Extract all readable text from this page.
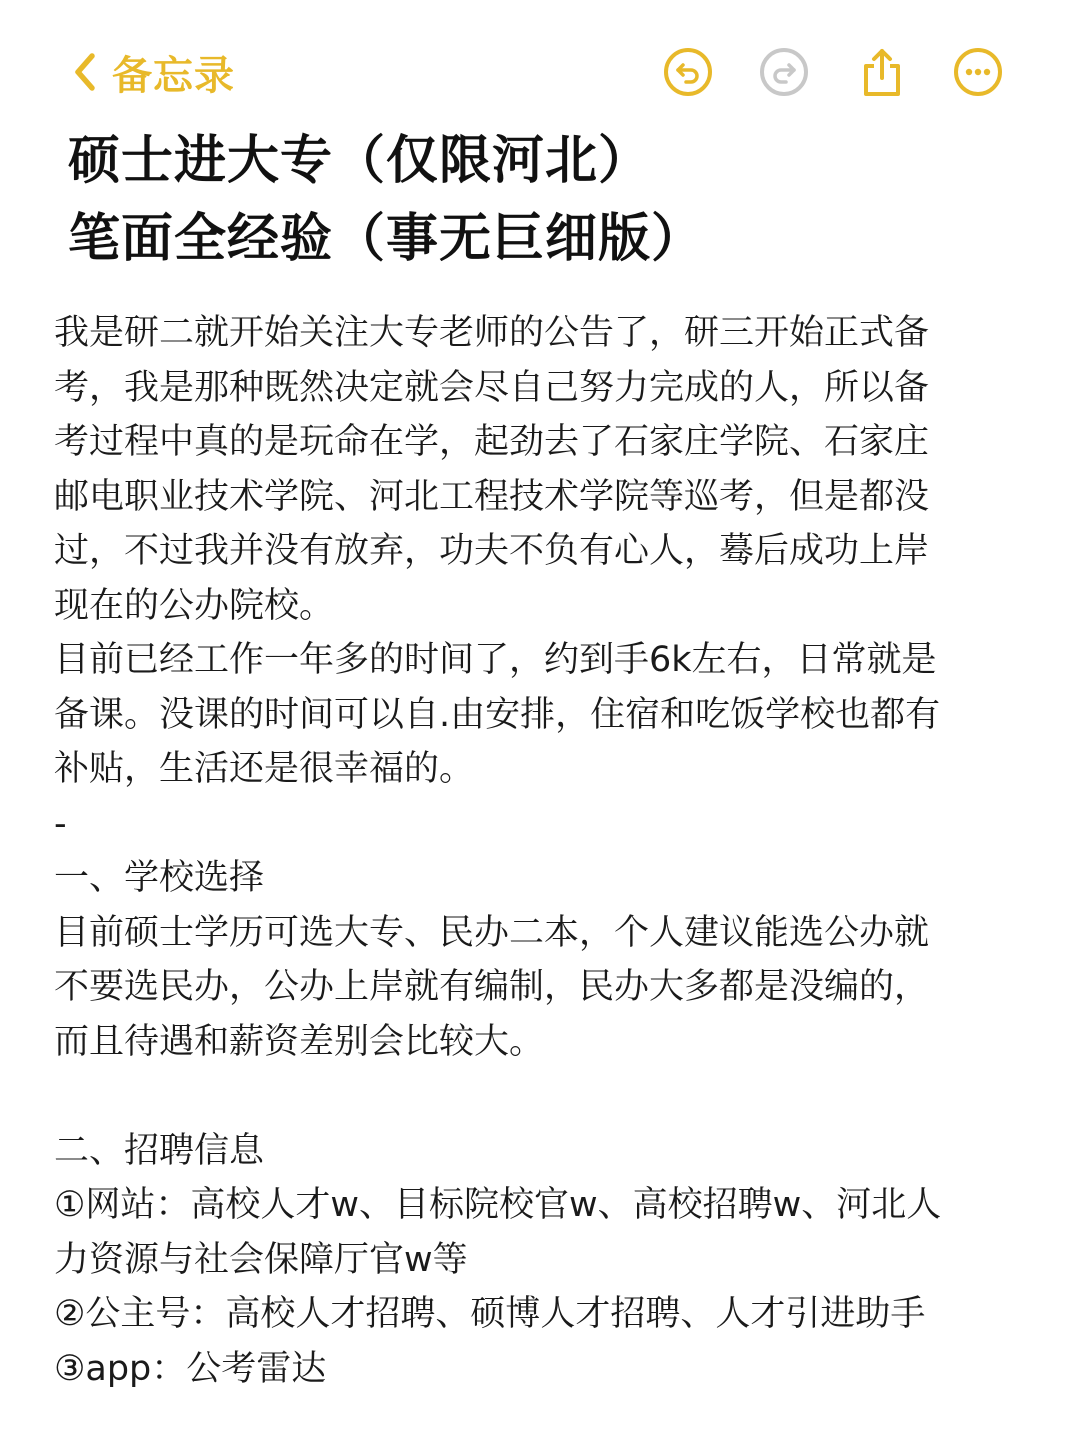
备忘录
硕士进大专（仅限河北）
笔面全经验（事无巨细版）
我是研二就开始关注大专老师的公告了，研三开始正式备
考，我是那种既然决定就会尽自己努力完成的人，所以备
考过程中真的是玩命在学，起劲去了石家庄学院、石家庄
邮电职业技术学院、河北工程技术学院等巡考，但是都没
过，不过我并没有放弃，功夫不负有心人，蓦后成功上岸
现在的公办院校。
目前已经工作一年多的时间了，约到手6k左右，日常就是
备课。没课的时间可以自.由安排，住宿和吃饭学校也都有
补贴，生活还是很幸福的。
-
一、学校选择
目前硕士学历可选大专、民办二本，个人建议能选公办就
不要选民办，公办上岸就有编制，民办大多都是没编的，
而且待遇和薪资差别会比较大。
二、招聘信息
①网站：高校人才w、目标院校官w、高校招聘w、河北人
力资源与社会保障厅官w等
②公主号：高校人才招聘、硕博人才招聘、人才引进助手
③app：公考雷达
